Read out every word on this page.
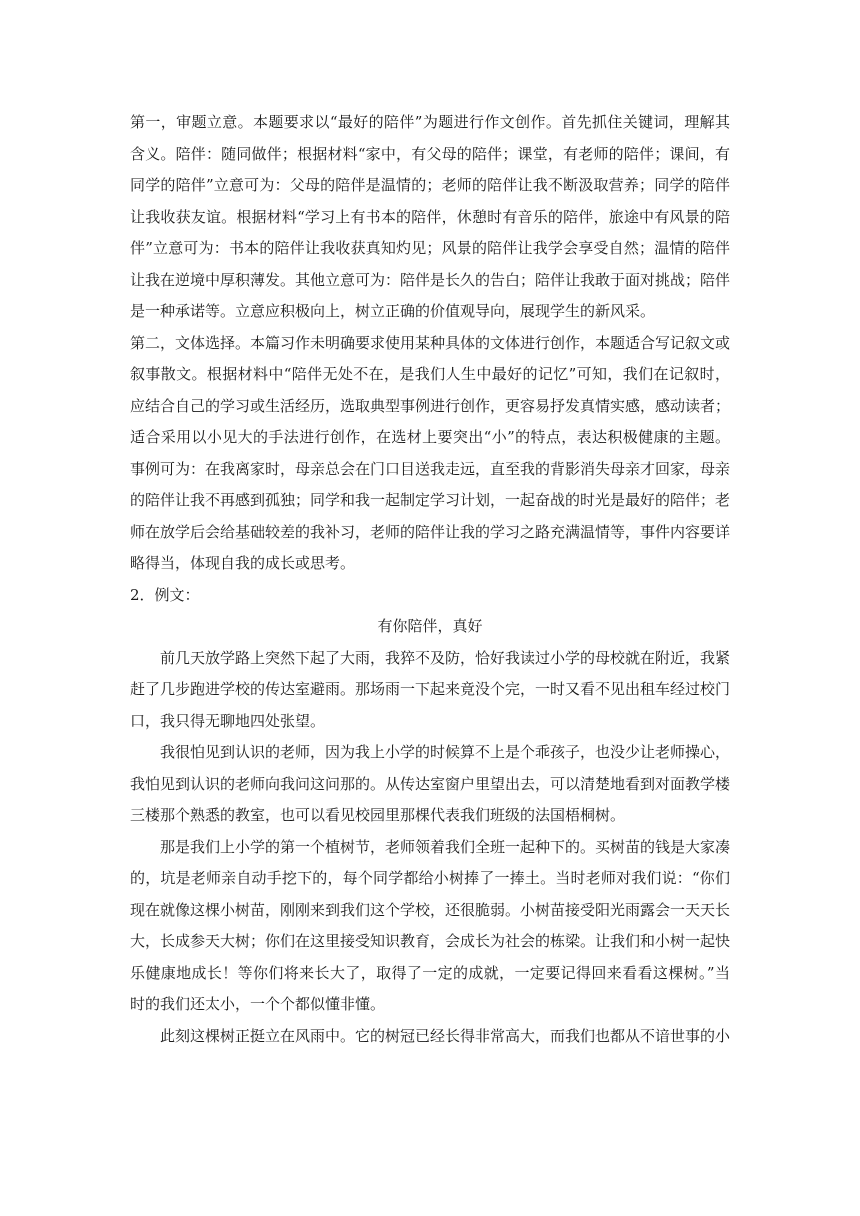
第一，审题立意。本题要求以“最好的陪伴”为题进行作文创作。首先抓住关键词，理解其含义。陪伴：随同做伴；根据材料“家中，有父母的陪伴；课堂，有老师的陪伴；课间，有同学的陪伴”立意可为：父母的陪伴是温情的；老师的陪伴让我不断汲取营养；同学的陪伴让我收获友谊。根据材料“学习上有书本的陪伴，休憩时有音乐的陪伴，旅途中有风景的陪伴”立意可为：书本的陪伴让我收获真知灼见；风景的陪伴让我学会享受自然；温情的陪伴让我在逆境中厚积薄发。其他立意可为：陪伴是长久的告白；陪伴让我敢于面对挑战；陪伴是一种承诺等。立意应积极向上，树立正确的价值观导向，展现学生的新风采。

第二，文体选择。本篇习作未明确要求使用某种具体的文体进行创作，本题适合写记叙文或叙事散文。根据材料中“陪伴无处不在，是我们人生中最好的记忆”可知，我们在记叙时，应结合自己的学习或生活经历，选取典型事例进行创作，更容易抒发真情实感，感动读者；适合采用以小见大的手法进行创作，在选材上要突出“小”的特点，表达积极健康的主题。事例可为：在我离家时，母亲总会在门口目送我走远，直至我的背影消失母亲才回家，母亲的陪伴让我不再感到孤独；同学和我一起制定学习计划，一起奋战的时光是最好的陪伴；老师在放学后会给基础较差的我补习，老师的陪伴让我的学习之路充满温情等，事件内容要详略得当，体现自我的成长或思考。

2．例文：

有你陪伴，真好

前几天放学路上突然下起了大雨，我猝不及防，恰好我读过小学的母校就在附近，我紧赶了几步跑进学校的传达室避雨。那场雨一下起来竟没个完，一时又看不见出租车经过校门口，我只得无聊地四处张望。

我很怕见到认识的老师，因为我上小学的时候算不上是个乖孩子，也没少让老师操心，我怕见到认识的老师向我问这问那的。从传达室窗户里望出去，可以清楚地看到对面教学楼三楼那个熟悉的教室，也可以看见校园里那棵代表我们班级的法国梧桐树。

那是我们上小学的第一个植树节，老师领着我们全班一起种下的。买树苗的钱是大家凑的，坑是老师亲自动手挖下的，每个同学都给小树捧了一捧土。当时老师对我们说：“你们现在就像这棵小树苗，刚刚来到我们这个学校，还很脆弱。小树苗接受阳光雨露会一天天长大，长成参天大树；你们在这里接受知识教育，会成长为社会的栋梁。让我们和小树一起快乐健康地成长！等你们将来长大了，取得了一定的成就，一定要记得回来看看这棵树。”当时的我们还太小，一个个都似懂非懂。

此刻这棵树正挺立在风雨中。它的树冠已经长得非常高大，而我们也都从不谙世事的小
